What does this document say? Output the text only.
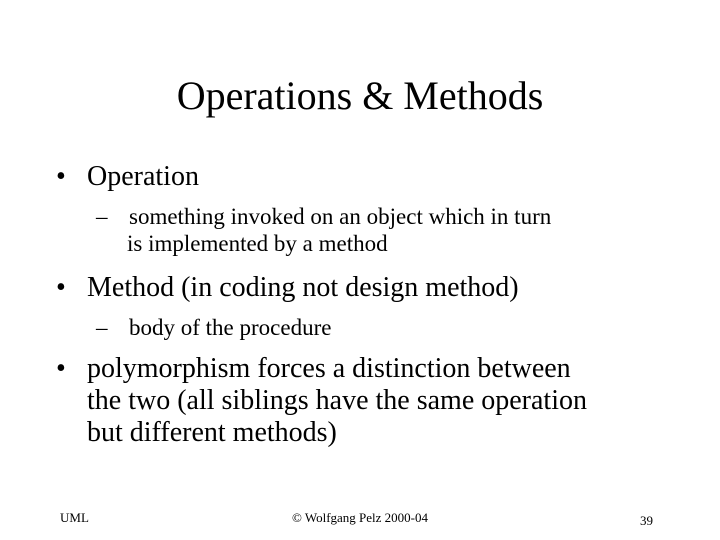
Operations & Methods
• Operation
– something invoked on an object which in turn
is implemented by a method
• Method (in coding not design method)
– body of the procedure
• polymorphism forces a distinction between
the two (all siblings have the same operation
but different methods)
UML	© Wolfgang Pelz 2000-04	39
